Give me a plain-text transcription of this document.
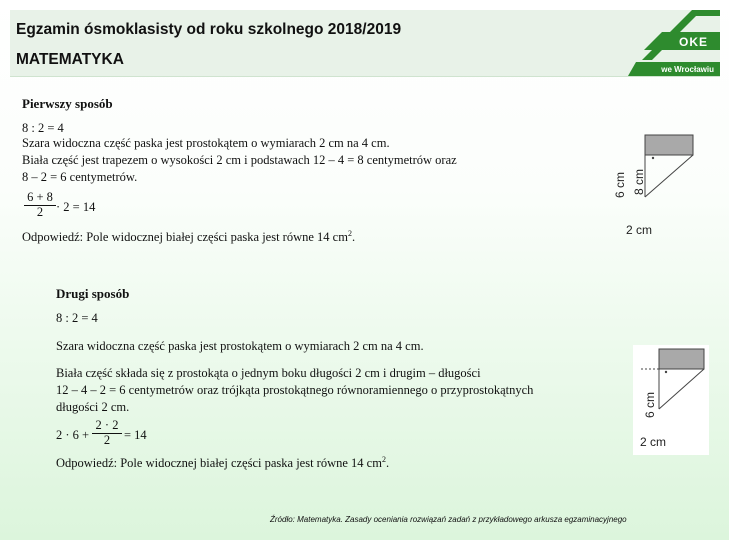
Egzamin ósmoklasisty od roku szkolnego 2018/2019
MATEMATYKA
OKE
we Wrocławiu
Pierwszy sposób
8 : 2 = 4
Szara widoczna część paska jest prostokątem o wymiarach 2 cm na 4 cm.
Biała część jest trapezem o wysokości 2 cm i podstawach 12 – 4 = 8 centymetrów oraz
8 – 2 = 6 centymetrów.
6 + 8
2	· 2 = 14
Odpowiedź: Pole widocznej białej części paska jest równe 14 $cm^2$.
6 cm 8 cm
2 cm
Drugi sposób
8 : 2 = 4
Szara widoczna część paska jest prostokątem o wymiarach 2 cm na 4 cm.
Biała część składa się z prostokąta o jednym boku długości 2 cm i drugim – długości
12 – 4 – 2 = 6 centymetrów oraz trójkąta prostokątnego równoramiennego o przyprostokątnych
długości 2 cm.
2 · 6 +
2 · 2
2	= 14
Odpowiedź: Pole widocznej białej części paska jest równe 14 $cm^2$.
6 cm
2 cm
Źródło: Matematyka. Zasady oceniania rozwiązań zadań z przykładowego arkusza egzaminacyjnego
